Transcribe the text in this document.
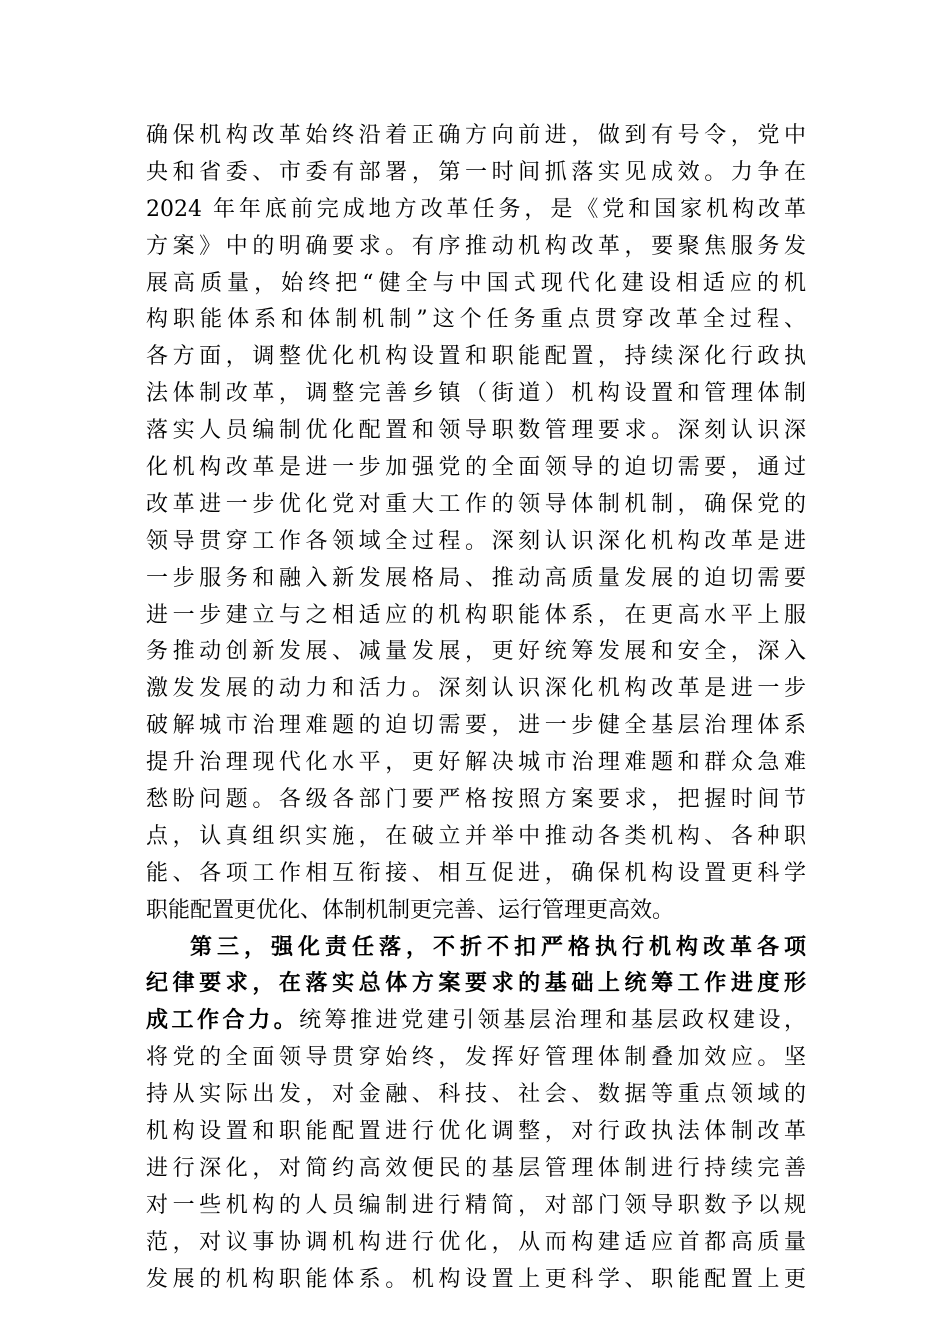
确保机构改革始终沿着正确方向前进，做到有号令，党中
央和省委、市委有部署，第一时间抓落实见成效。力争在
2024 年年底前完成地方改革任务，是《党和国家机构改革
方案》中的明确要求。有序推动机构改革，要聚焦服务发
展高质量，始终把“健全与中国式现代化建设相适应的机
构职能体系和体制机制”这个任务重点贯穿改革全过程、
各方面，调整优化机构设置和职能配置，持续深化行政执
法体制改革，调整完善乡镇（街道）机构设置和管理体制
落实人员编制优化配置和领导职数管理要求。深刻认识深
化机构改革是进一步加强党的全面领导的迫切需要，通过
改革进一步优化党对重大工作的领导体制机制，确保党的
领导贯穿工作各领域全过程。深刻认识深化机构改革是进
一步服务和融入新发展格局、推动高质量发展的迫切需要
进一步建立与之相适应的机构职能体系，在更高水平上服
务推动创新发展、减量发展，更好统筹发展和安全，深入
激发发展的动力和活力。深刻认识深化机构改革是进一步
破解城市治理难题的迫切需要，进一步健全基层治理体系
提升治理现代化水平，更好解决城市治理难题和群众急难
愁盼问题。各级各部门要严格按照方案要求，把握时间节
点，认真组织实施，在破立并举中推动各类机构、各种职
能、各项工作相互衔接、相互促进，确保机构设置更科学
职能配置更优化、体制机制更完善、运行管理更高效。
第三，强化责任落，不折不扣严格执行机构改革各项
纪律要求，在落实总体方案要求的基础上统筹工作进度形
成工作合力。统筹推进党建引领基层治理和基层政权建设，
将党的全面领导贯穿始终，发挥好管理体制叠加效应。坚
持从实际出发，对金融、科技、社会、数据等重点领域的
机构设置和职能配置进行优化调整，对行政执法体制改革
进行深化，对简约高效便民的基层管理体制进行持续完善
对一些机构的人员编制进行精简，对部门领导职数予以规
范，对议事协调机构进行优化，从而构建适应首都高质量
发展的机构职能体系。机构设置上更科学、职能配置上更
